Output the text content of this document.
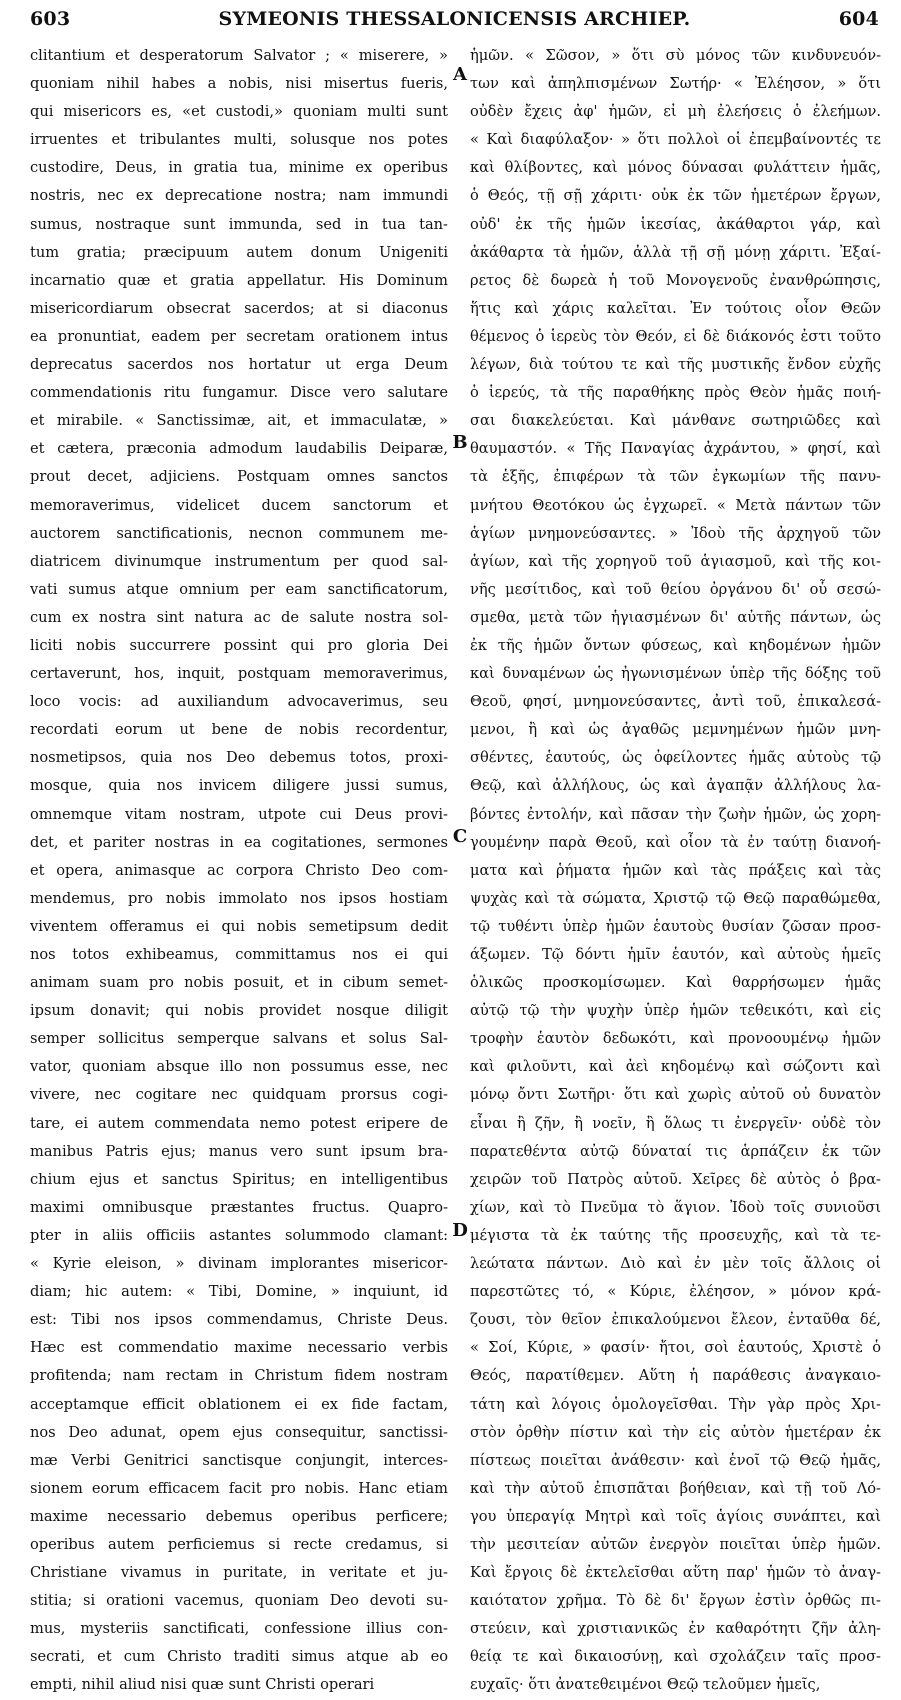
603	SYMEONIS THESSALONICENSIS ARCHIEP.	604
clitantium et desperatorum Salvator ; « miserere, »
quoniam nihil habes a nobis, nisi misertus fueris,
qui misericors es, «et custodi,» quoniam multi sunt
irruentes et tribulantes multi, solusque nos potes
custodire, Deus, in gratia tua, minime ex operibus
nostris, nec ex deprecatione nostra; nam immundi
sumus, nostraque sunt immunda, sed in tua tan-
tum gratia; præcipuum autem donum Unigeniti
incarnatio quæ et gratia appellatur. His Dominum
misericordiarum obsecrat sacerdos; at si diaconus
ea pronuntiat, eadem per secretam orationem intus
deprecatus sacerdos nos hortatur ut erga Deum
commendationis ritu fungamur. Disce vero salutare
et mirabile. « Sanctissimæ, ait, et immaculatæ, »
et cætera, præconia admodum laudabilis Deiparæ,
prout decet, adjiciens. Postquam omnes sanctos
memoraverimus, videlicet ducem sanctorum et
auctorem sanctificationis, necnon communem me-
diatricem divinumque instrumentum per quod sal-
vati sumus atque omnium per eam sanctificatorum,
cum ex nostra sint natura ac de salute nostra sol-
liciti nobis succurrere possint qui pro gloria Dei
certaverunt, hos, inquit, postquam memoraverimus,
loco vocis: ad auxiliandum advocaverimus, seu
recordati eorum ut bene de nobis recordentur,
nosmetipsos, quia nos Deo debemus totos, proxi-
mosque, quia nos invicem diligere jussi sumus,
omnemque vitam nostram, utpote cui Deus provi-
det, et pariter nostras in ea cogitationes, sermones
et opera, animasque ac corpora Christo Deo com-
mendemus, pro nobis immolato nos ipsos hostiam
viventem offeramus ei qui nobis semetipsum dedit
nos totos exhibeamus, committamus nos ei qui
animam suam pro nobis posuit, et in cibum semet-
ipsum donavit; qui nobis providet nosque diligit
semper sollicitus semperque salvans et solus Sal-
vator, quoniam absque illo non possumus esse, nec
vivere, nec cogitare nec quidquam prorsus cogi-
tare, ei autem commendata nemo potest eripere de
manibus Patris ejus; manus vero sunt ipsum bra-
chium ejus et sanctus Spiritus; en intelligentibus
maximi omnibusque præstantes fructus. Quapro-
pter in aliis officiis astantes solummodo clamant:
« Kyrie eleison, » divinam implorantes misericor-
diam; hic autem: « Tibi, Domine, » inquiunt, id
est: Tibi nos ipsos commendamus, Christe Deus.
Hæc est commendatio maxime necessario verbis
profitenda; nam rectam in Christum fidem nostram
acceptamque efficit oblationem ei ex fide factam,
nos Deo adunat, opem ejus consequitur, sanctissi-
mæ Verbi Genitrici sanctisque conjungit, interces-
sionem eorum efficacem facit pro nobis. Hanc etiam
maxime necessario debemus operibus perficere;
operibus autem perficiemus si recte credamus, si
Christiane vivamus in puritate, in veritate et ju-
stitia; si orationi vacemus, quoniam Deo devoti su-
mus, mysteriis sanctificati, confessione illius con-
secrati, et cum Christo traditi simus atque ab eo
empti, nihil aliud nisi quæ sunt Christi operari
ἡμῶν. « Σῶσον, » ὅτι σὺ μόνος τῶν κινδυνευόν-
των καὶ ἀπηλπισμένων Σωτήρ· « Ἐλέησον, » ὅτι
οὐδὲν ἔχεις ἀφ' ἡμῶν, εἰ μὴ ἐλεήσεις ὁ ἐλεήμων.
« Καὶ διαφύλαξον· » ὅτι πολλοὶ οἱ ἐπεμβαίνοντές τε
καὶ θλίβοντες, καὶ μόνος δύνασαι φυλάττειν ἡμᾶς,
ὁ Θεός, τῇ σῇ χάριτι· οὐκ ἐκ τῶν ἡμετέρων ἔργων,
οὐδ' ἐκ τῆς ἡμῶν ἱκεσίας, ἀκάθαρτοι γάρ, καὶ
ἀκάθαρτα τὰ ἡμῶν, ἀλλὰ τῇ σῇ μόνῃ χάριτι. Ἐξαί-
ρετος δὲ δωρεὰ ἡ τοῦ Μονογενοῦς ἐνανθρώπησις,
ἥτις καὶ χάρις καλεῖται. Ἐν τούτοις οἶον Θεῶν
θέμενος ὁ ἱερεὺς τὸν Θεόν, εἰ δὲ διάκονός ἐστι τοῦτο
λέγων, διὰ τούτου τε καὶ τῆς μυστικῆς ἔνδον εὐχῆς
ὁ ἱερεύς, τὰ τῆς παραθήκης πρὸς Θεὸν ἡμᾶς ποιή-
σαι διακελεύεται. Καὶ μάνθανε σωτηριῶδες καὶ
θαυμαστόν. « Τῆς Παναγίας ἀχράντου, » φησί, καὶ
τὰ ἑξῆς, ἐπιφέρων τὰ τῶν ἐγκωμίων τῆς πανυ-
μνήτου Θεοτόκου ὡς ἐγχωρεῖ. « Μετὰ πάντων τῶν
ἁγίων μνημονεύσαντες. » Ἰδοὺ τῆς ἀρχηγοῦ τῶν
ἁγίων, καὶ τῆς χορηγοῦ τοῦ ἁγιασμοῦ, καὶ τῆς κοι-
νῆς μεσίτιδος, καὶ τοῦ θείου ὀργάνου δι' οὗ σεσώ-
σμεθα, μετὰ τῶν ἡγιασμένων δι' αὐτῆς πάντων, ὡς
ἐκ τῆς ἡμῶν ὄντων φύσεως, καὶ κηδομένων ἡμῶν
καὶ δυναμένων ὡς ἠγωνισμένων ὑπὲρ τῆς δόξης τοῦ
Θεοῦ, φησί, μνημονεύσαντες, ἀντὶ τοῦ, ἐπικαλεσά-
μενοι, ἢ καὶ ὡς ἀγαθῶς μεμνημένων ἡμῶν μνη-
σθέντες, ἑαυτούς, ὡς ὀφείλοντες ἡμᾶς αὐτοὺς τῷ
Θεῷ, καὶ ἀλλήλους, ὡς καὶ ἀγαπᾷν ἀλλήλους λα-
βόντες ἐντολήν, καὶ πᾶσαν τὴν ζωὴν ἡμῶν, ὡς χορη-
γουμένην παρὰ Θεοῦ, καὶ οἷον τὰ ἐν ταύτῃ διανοή-
ματα καὶ ῥήματα ἡμῶν καὶ τὰς πράξεις καὶ τὰς
ψυχὰς καὶ τὰ σώματα, Χριστῷ τῷ Θεῷ παραθώμεθα,
τῷ τυθέντι ὑπὲρ ἡμῶν ἑαυτοὺς θυσίαν ζῶσαν προσ-
άξωμεν. Τῷ δόντι ἡμῖν ἑαυτόν, καὶ αὐτοὺς ἡμεῖς
ὁλικῶς προσκομίσωμεν. Καὶ θαρρήσωμεν ἡμᾶς
αὐτῷ τῷ τὴν ψυχὴν ὑπὲρ ἡμῶν τεθεικότι, καὶ εἰς
τροφὴν ἑαυτὸν δεδωκότι, καὶ προνοουμένῳ ἡμῶν
καὶ φιλοῦντι, καὶ ἀεὶ κηδομένῳ καὶ σώζοντι καὶ
μόνῳ ὄντι Σωτῆρι· ὅτι καὶ χωρὶς αὐτοῦ οὐ δυνατὸν
εἶναι ἢ ζῆν, ἢ νοεῖν, ἢ ὅλως τι ἐνεργεῖν· οὐδὲ τὸν
παρατεθέντα αὐτῷ δύναταί τις ἁρπάζειν ἐκ τῶν
χειρῶν τοῦ Πατρὸς αὐτοῦ. Χεῖρες δὲ αὐτὸς ὁ βρα-
χίων, καὶ τὸ Πνεῦμα τὸ ἅγιον. Ἰδοὺ τοῖς συνιοῦσι
μέγιστα τὰ ἐκ ταύτης τῆς προσευχῆς, καὶ τὰ τε-
λεώτατα πάντων. Διὸ καὶ ἐν μὲν τοῖς ἄλλοις οἱ
παρεστῶτες τό, « Κύριε, ἐλέησον, » μόνον κρά-
ζουσι, τὸν θεῖον ἐπικαλούμενοι ἔλεον, ἐνταῦθα δέ,
« Σοί, Κύριε, » φασίν· ἤτοι, σοὶ ἑαυτούς, Χριστὲ ὁ
Θεός, παρατίθεμεν. Αὕτη ἡ παράθεσις ἀναγκαιο-
τάτη καὶ λόγοις ὁμολογεῖσθαι. Τὴν γὰρ πρὸς Χρι-
στὸν ὀρθὴν πίστιν καὶ τὴν εἰς αὐτὸν ἡμετέραν ἐκ
πίστεως ποιεῖται ἀνάθεσιν· καὶ ἑνοῖ τῷ Θεῷ ἡμᾶς,
καὶ τὴν αὐτοῦ ἐπισπᾶται βοήθειαν, καὶ τῇ τοῦ Λό-
γου ὑπεραγίᾳ Μητρὶ καὶ τοῖς ἁγίοις συνάπτει, καὶ
τὴν μεσιτείαν αὐτῶν ἐνεργὸν ποιεῖται ὑπὲρ ἡμῶν.
Καὶ ἔργοις δὲ ἐκτελεῖσθαι αὕτη παρ' ἡμῶν τὸ ἀναγ-
καιότατον χρῆμα. Τὸ δὲ δι' ἔργων ἐστὶν ὀρθῶς πι-
στεύειν, καὶ χριστιανικῶς ἐν καθαρότητι ζῆν ἀλη-
θείᾳ τε καὶ δικαιοσύνῃ, καὶ σχολάζειν ταῖς προσ-
ευχαῖς· ὅτι ἀνατεθειμένοι Θεῷ τελοῦμεν ἡμεῖς,
A
B
C
D
